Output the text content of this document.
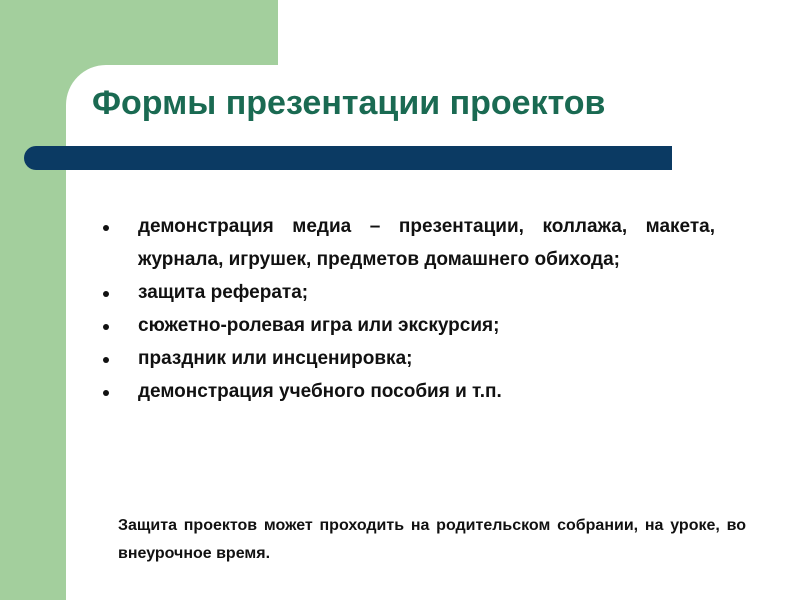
Формы презентации проектов
демонстрация медиа – презентации, коллажа, макета, журнала, игрушек, предметов домашнего обихода;
защита реферата;
сюжетно-ролевая игра или экскурсия;
праздник или инсценировка;
демонстрация учебного пособия и т.п.

Защита проектов может проходить на родительском собрании, на уроке, во внеурочное время.
